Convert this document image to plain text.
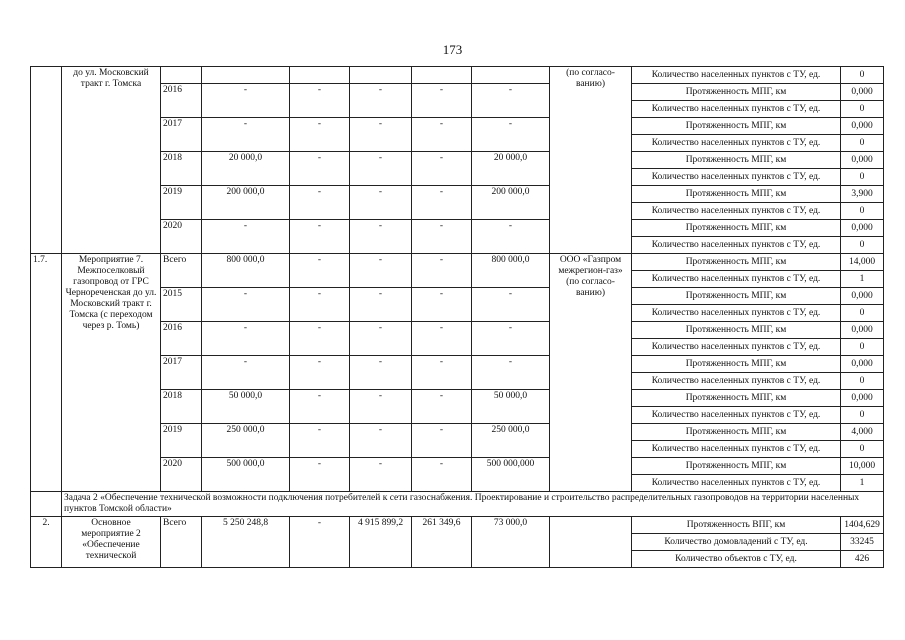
173
	до ул. Московский тракт г. Томска							(по согласо-ванию)	Количество населенных пунктов с ТУ, ед.	0
		2016	-	-	-	-	-		Протяженность МПГ, км	0,000
									Количество населенных пунктов с ТУ, ед.	0
		2017	-	-	-	-	-		Протяженность МПГ, км	0,000
									Количество населенных пунктов с ТУ, ед.	0
		2018	20 000,0	-	-	-	20 000,0		Протяженность МПГ, км	0,000
									Количество населенных пунктов с ТУ, ед.	0
		2019	200 000,0	-	-	-	200 000,0		Протяженность МПГ, км	3,900
									Количество населенных пунктов с ТУ, ед.	0
		2020	-	-	-	-	-		Протяженность МПГ, км	0,000
									Количество населенных пунктов с ТУ, ед.	0
1.7.	Мероприятие 7. Межпоселковый газопровод от ГРС Чернореченская до ул. Московский тракт г. Томска (с переходом через р. Томь)	Всего	800 000,0	-	-	-	800 000,0	ООО «Газпром межрегион-газ» (по согласо-ванию)	Протяженность МПГ, км	14,000
									Количество населенных пунктов с ТУ, ед.	1
		2015	-	-	-	-	-		Протяженность МПГ, км	0,000
									Количество населенных пунктов с ТУ, ед.	0
		2016	-	-	-	-	-		Протяженность МПГ, км	0,000
									Количество населенных пунктов с ТУ, ед.	0
		2017	-	-	-	-	-		Протяженность МПГ, км	0,000
									Количество населенных пунктов с ТУ, ед.	0
		2018	50 000,0	-	-	-	50 000,0		Протяженность МПГ, км	0,000
									Количество населенных пунктов с ТУ, ед.	0
		2019	250 000,0	-	-	-	250 000,0		Протяженность МПГ, км	4,000
									Количество населенных пунктов с ТУ, ед.	0
		2020	500 000,0	-	-	-	500 000,000		Протяженность МПГ, км	10,000
									Количество населенных пунктов с ТУ, ед.	1
	Задача 2 «Обеспечение технической возможности подключения потребителей к сети газоснабжения. Проектирование и строительство распределительных газопроводов на территории населенных пунктов Томской области»									
2.	Основное мероприятие 2 «Обеспечение технической	Всего	5 250 248,8	-	4 915 899,2	261 349,6	73 000,0		Протяженность ВПГ, км	1404,629
									Количество домовладений с ТУ, ед.	33245
									Количество объектов с ТУ, ед.	426
